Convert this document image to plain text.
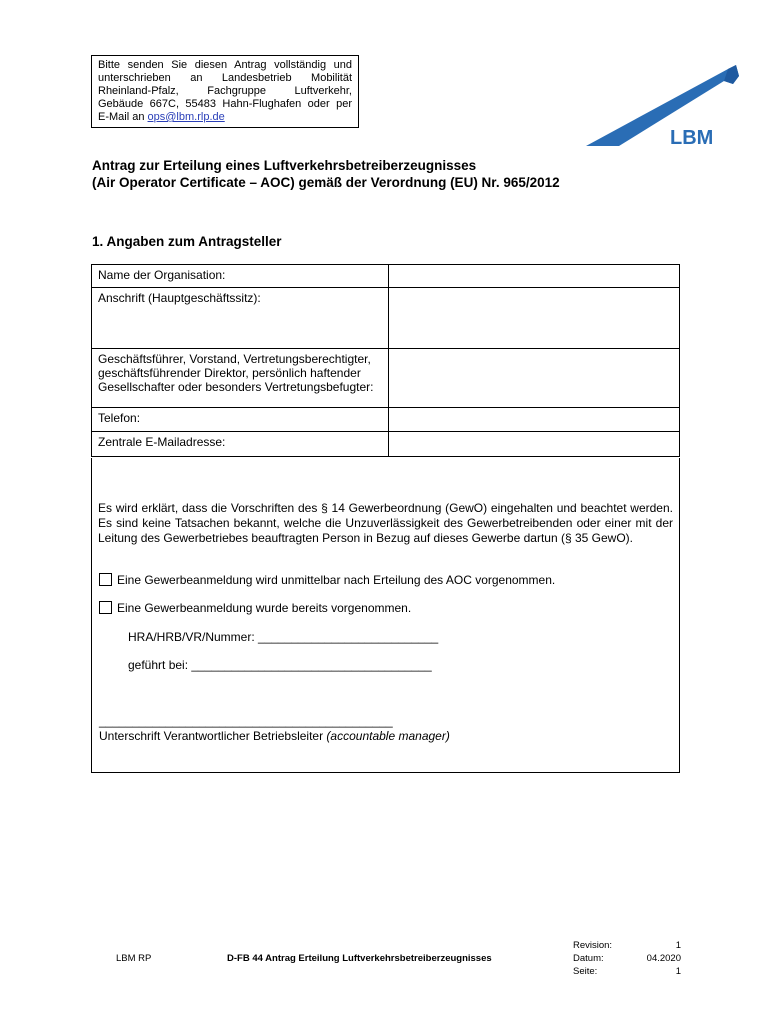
Bitte senden Sie diesen Antrag vollständig und
unterschrieben an Landesbetrieb Mobilität
Rheinland-Pfalz, Fachgruppe Luftverkehr,
Gebäude 667C, 55483 Hahn-Flughafen oder per
E-Mail an ops@lbm.rlp.de
LBM
Antrag zur Erteilung eines Luftverkehrsbetreiberzeugnisses
(Air Operator Certificate – AOC) gemäß der Verordnung (EU) Nr. 965/2012
1. Angaben zum Antragsteller
Name der Organisation:	
Anschrift (Hauptgeschäftssitz):	
Geschäftsführer, Vorstand, Vertretungsberechtigter, geschäftsführender Direktor, persönlich haftender Gesellschafter oder besonders Vertretungsbefugter:	
Telefon:	
Zentrale E-Mailadresse:	
Es wird erklärt, dass die Vorschriften des § 14 Gewerbeordnung (GewO) eingehalten und beachtet werden. Es sind keine Tatsachen bekannt, welche die Unzuverlässigkeit des Gewerbetreibenden oder einer mit der Leitung des Gewerbetriebes beauftragten Person in Bezug auf dieses Gewerbe dartun (§ 35 GewO).
Eine Gewerbeanmeldung wird unmittelbar nach Erteilung des AOC vorgenommen.
Eine Gewerbeanmeldung wurde bereits vorgenommen.
HRA/HRB/VR/Nummer: ___________________________
geführt bei: ____________________________________
____________________________________________
Unterschrift Verantwortlicher Betriebsleiter (accountable manager)
LBM RP	D-FB 44 Antrag Erteilung Luftverkehrsbetreiberzeugnisses
Revision:
Datum:
Seite:
1
04.2020
1
